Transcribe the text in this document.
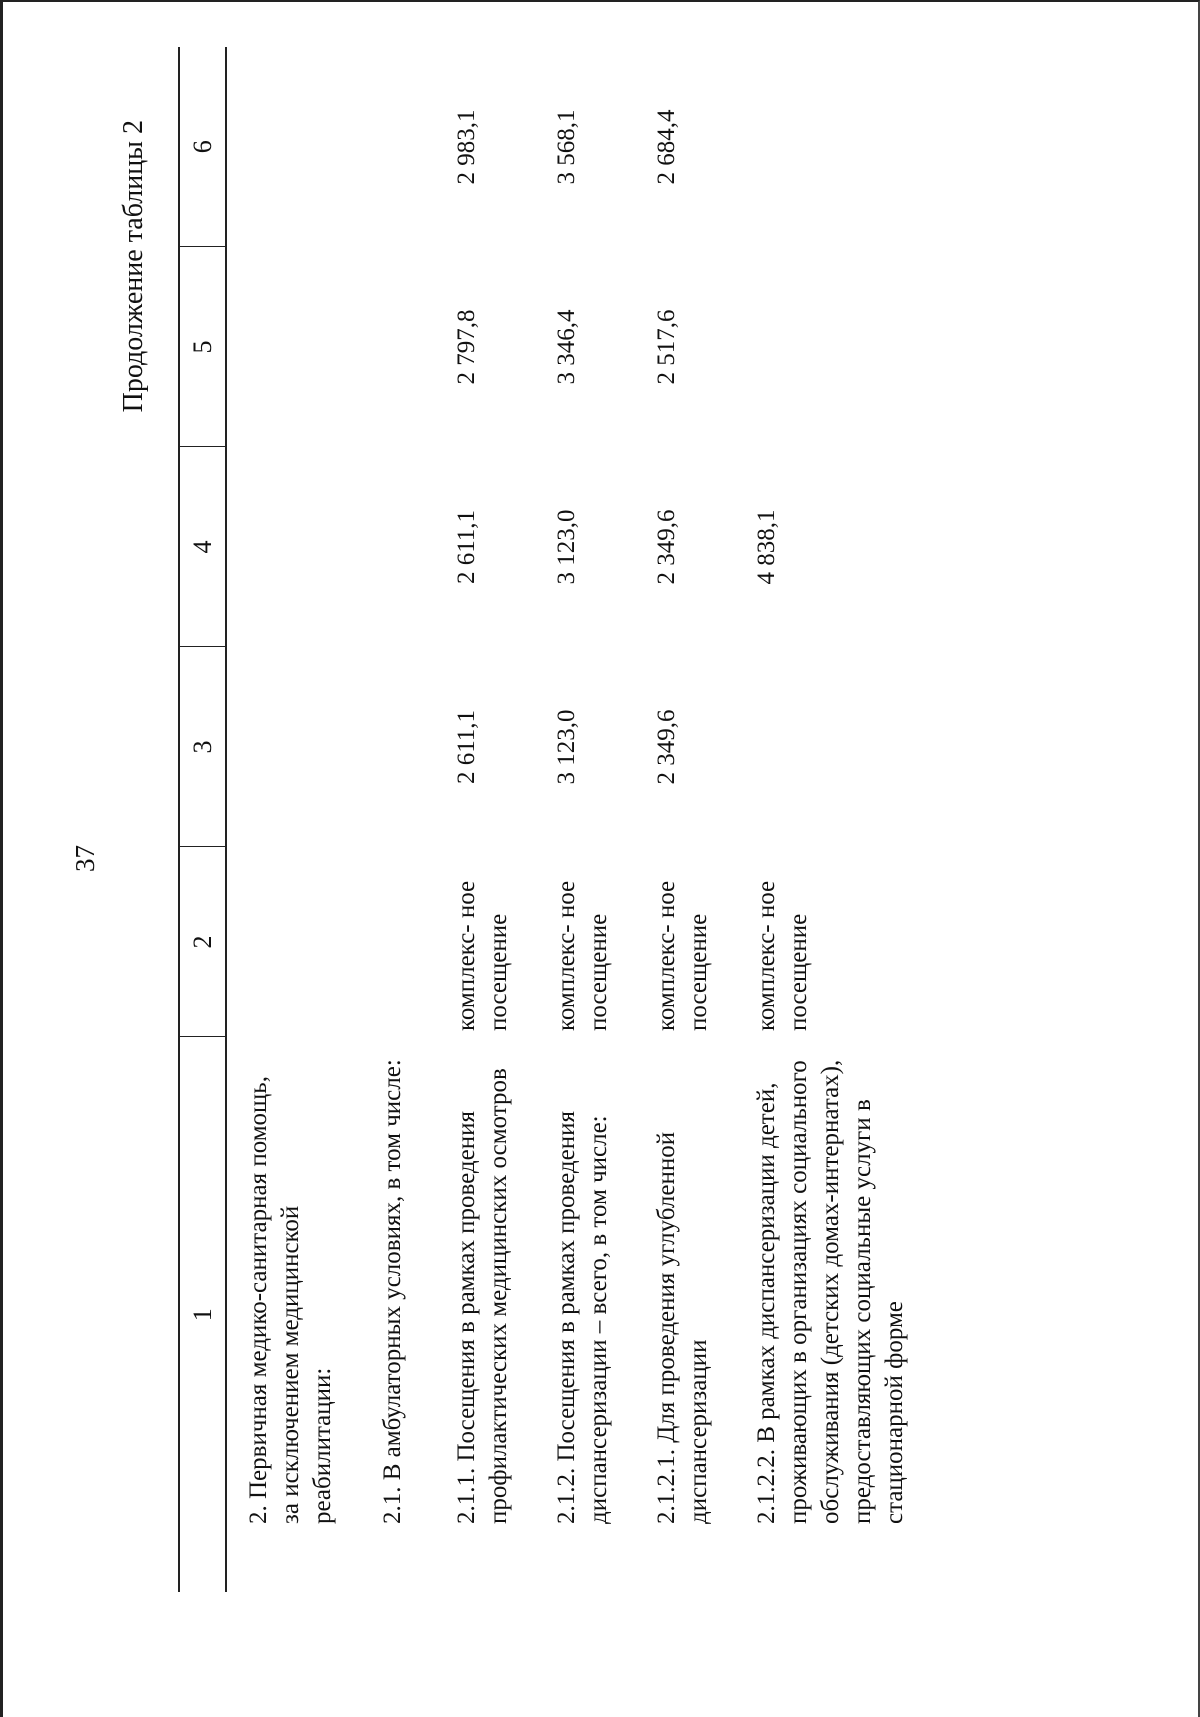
37
Продолжение таблицы 2
1	2	3	4	5	6
2. Первичная медико-санитарная помощь, за исключением медицинской реабилитации:					
2.1. В амбулаторных условиях, в том числе:					
2.1.1. Посещения в рамках проведения профилактических медицинских осмотров	комплекс- ное посещение	2 611,1	2 611,1	2 797,8	2 983,1
2.1.2. Посещения в рамках проведения диспансеризации – всего, в том числе:	комплекс- ное посещение	3 123,0	3 123,0	3 346,4	3 568,1
2.1.2.1. Для проведения углубленной диспансеризации	комплекс- ное посещение	2 349,6	2 349,6	2 517,6	2 684,4
2.1.2.2. В рамках диспансеризации детей, проживающих в организациях социального обслуживания (детских домах-интернатах), предоставляющих социальные услуги в стационарной форме	комплекс- ное посещение		4 838,1		
